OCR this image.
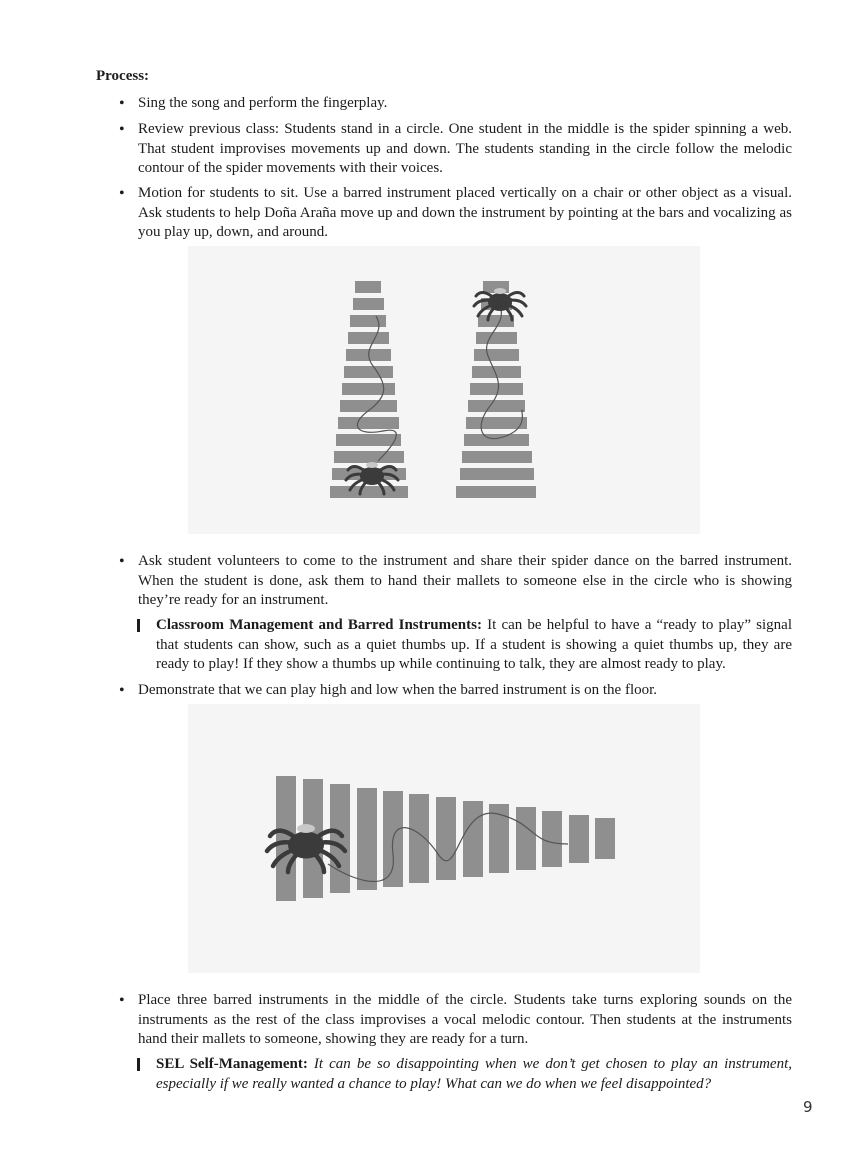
Process:

• Sing the song and perform the fingerplay.
• Review previous class: Students stand in a circle. One student in the middle is the spider spinning a web. That student improvises movements up and down. The students standing in the circle follow the melodic contour of the spider movements with their voices.
• Motion for students to sit. Use a barred instrument placed vertically on a chair or other object as a visual. Ask students to help Doña Araña move up and down the instrument by pointing at the bars and vocalizing as you play up, down, and around.
• Ask student volunteers to come to the instrument and share their spider dance on the barred instrument. When the student is done, ask them to hand their mallets to someone else in the circle who is showing they’re ready for an instrument.
Classroom Management and Barred Instruments: It can be helpful to have a “ready to play” signal that students can show, such as a quiet thumbs up. If a student is showing a quiet thumbs up, they are ready to play! If they show a thumbs up while continuing to talk, they are almost ready to play.
• Demonstrate that we can play high and low when the barred instrument is on the floor.
• Place three barred instruments in the middle of the circle. Students take turns exploring sounds on the instruments as the rest of the class improvises a vocal melodic contour. Then students at the instruments hand their mallets to someone, showing they are ready for a turn.
SEL Self-Management: It can be so disappointing when we don’t get chosen to play an instrument, especially if we really wanted a chance to play! What can we do when we feel disappointed?
9
